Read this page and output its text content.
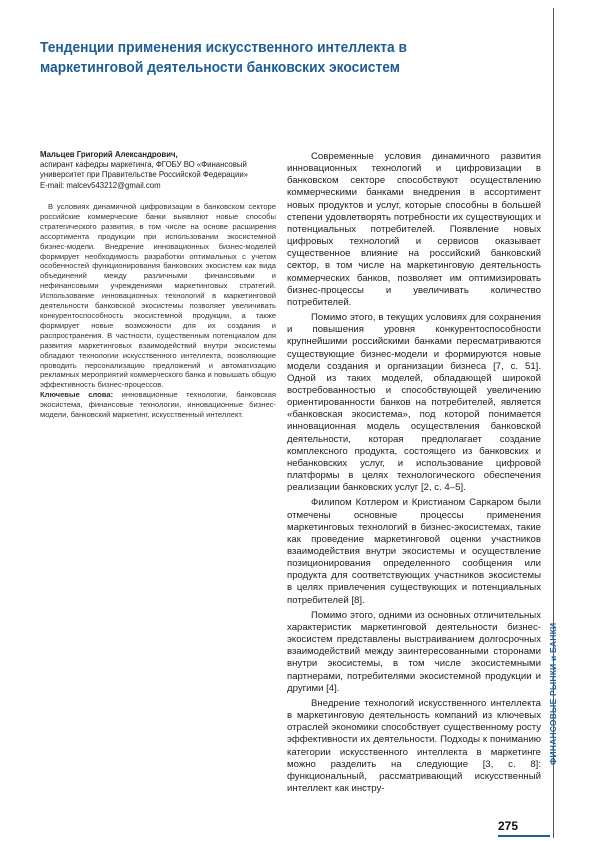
Тенденции применения искусственного интеллекта в маркетинговой деятельности банковских экосистем
Мальцев Григорий Александрович,
аспирант кафедры маркетинга, ФГОБУ ВО «Финансовый университет при Правительстве Российской Федерации»
E-mail: malcev543212@gmail.com

В условиях динамичной цифровизации в банковском секторе российские коммерческие банки выявляют новые способы стратегического развития, в том числе на основе расширения ассортимента продукции при использовании экосистемной бизнес-модели. Внедрение инновационных бизнес-моделей формирует необходимость разработки оптимальных с учетом особенностей функционирования банковских экосистем как вида объединений между различными финансовыми и нефинансовыми учреждениями маркетинговых стратегий. Использование инновационных технологий в маркетинговой деятельности банковской экосистемы позволяет увеличивать конкурентоспособность экосистемной продукции, а также формирует новые возможности для их создания и распространения. В частности, существенным потенциалом для развития маркетинговых взаимодействий внутри экосистемы обладают технологии искусственного интеллекта, позволяющие проводить персонализацию предложений и автоматизацию рекламных мероприятий коммерческого банка и повышать общую эффективность бизнес-процессов.

Ключевые слова: инновационные технологии, банковская экосистема, финансовые технологии, инновационные бизнес-модели, банковский маркетинг, искусственный интеллект.

Современные условия динамичного развития инновационных технологий и цифровизации в банковском секторе способствуют осуществлению коммерческими банками внедрения в ассортимент новых продуктов и услуг, которые способны в большей степени удовлетворять потребности их существующих и потенциальных потребителей. Появление новых цифровых технологий и сервисов оказывает существенное влияние на российский банковский сектор, в том числе на маркетинговую деятельность коммерческих банков, позволяет им оптимизировать бизнес-процессы и увеличивать количество потребителей.

Помимо этого, в текущих условиях для сохранения и повышения уровня конкурентоспособности крупнейшими российскими банками пересматриваются существующие бизнес-модели и формируются новые модели создания и организации бизнеса [7, с. 51]. Одной из таких моделей, обладающей широкой востребованностью и способствующей увеличению ориентированности банков на потребителей, является «банковская экосистема», под которой понимается инновационная модель осуществления банковской деятельности, которая предполагает создание комплексного продукта, состоящего из банковских и небанковских услуг, и использование цифровой платформы в целях технологического обеспечения реализации банковских услуг [2, с. 4–5].

Филипом Котлером и Кристианом Саркаром были отмечены основные процессы применения маркетинговых технологий в бизнес-экосистемах, такие как проведение маркетинговой оценки участников взаимодействия внутри экосистемы и осуществление позиционирования определенного сообщения или продукта для соответствующих участников экосистемы в целях привлечения существующих и потенциальных потребителей [8].

Помимо этого, одними из основных отличительных характеристик маркетинговой деятельности бизнес-экосистем представлены выстраиванием долгосрочных взаимодействий между заинтересованными сторонами внутри экосистемы, в том числе экосистемными партнерами, потребителями экосистемной продукции и другими [4].

Внедрение технологий искусственного интеллекта в маркетинговую деятельность компаний из ключевых отраслей экономики способствует существенному росту эффективности их деятельности. Подходы к пониманию категории искусственного интеллекта в маркетинге можно разделить на следующие [3, с. 8]: функциональный, рассматривающий искусственный интеллект как инстру-

ФИНАНСОВЫЕ РЫНКИ и БАНКИ
275
